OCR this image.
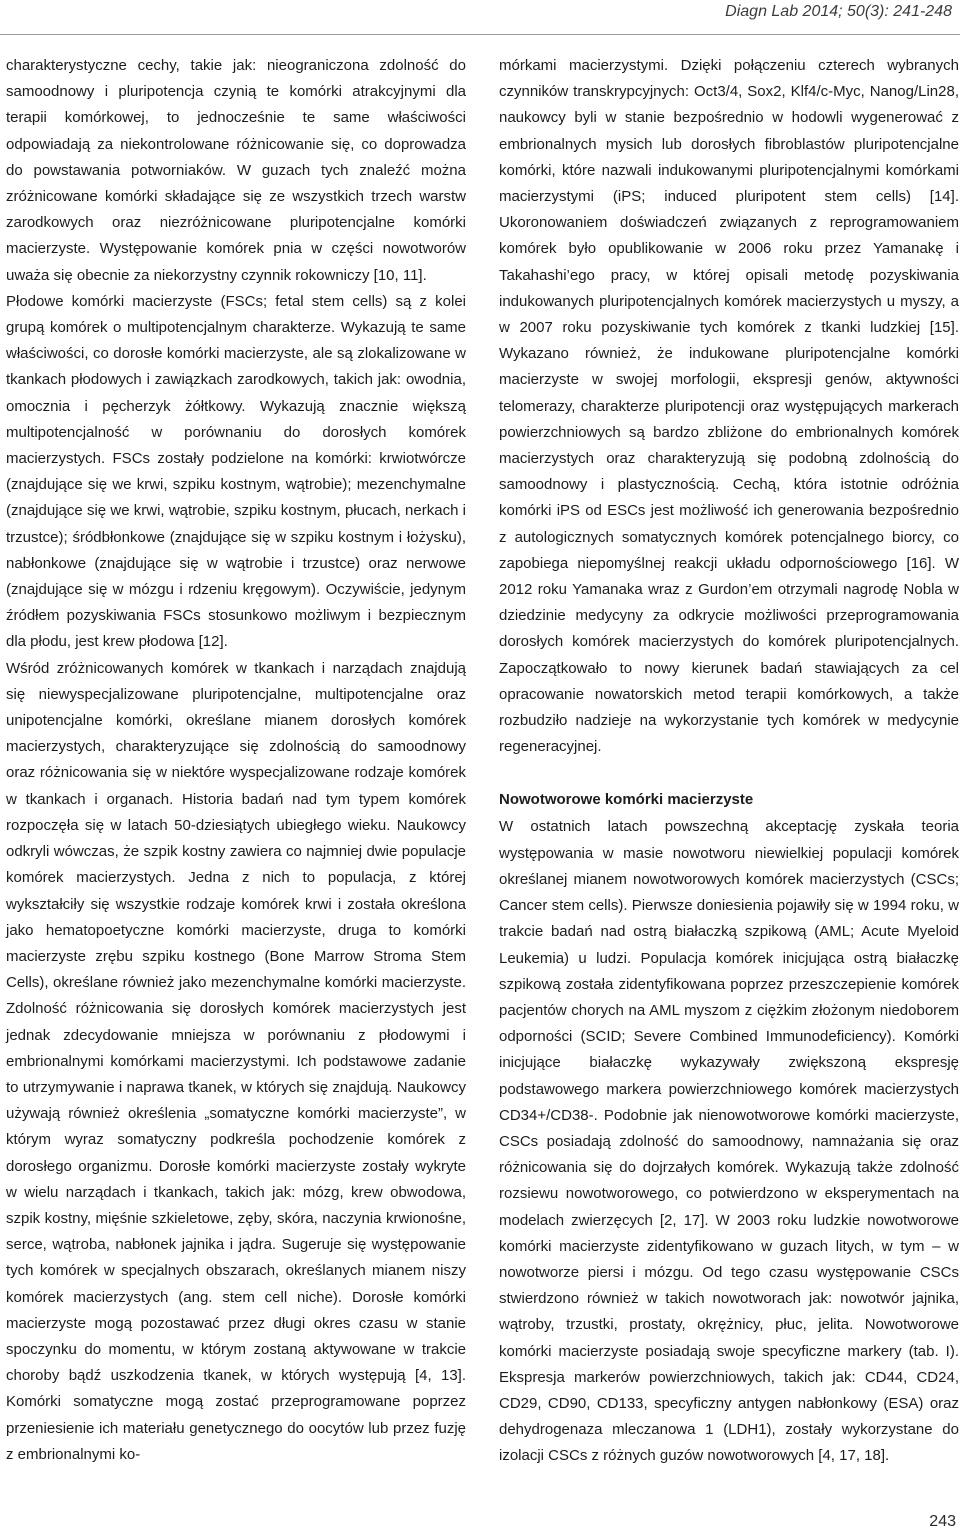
Diagn Lab 2014; 50(3): 241-248

charakterystyczne cechy, takie jak: nieograniczona zdolność do samoodnowy i pluripotencja czynią te komórki atrakcyjnymi dla terapii komórkowej, to jednocześnie te same właściwości odpowiadają za niekontrolowane różnicowanie się, co doprowadza do powstawania potworniaków. W guzach tych znaleźć można zróżnicowane komórki składające się ze wszystkich trzech warstw zarodkowych oraz niezróżnicowane pluripotencjalne komórki macierzyste. Występowanie komórek pnia w części nowotworów uważa się obecnie za niekorzystny czynnik rokowniczy [10, 11].

Płodowe komórki macierzyste (FSCs; fetal stem cells) są z kolei grupą komórek o multipotencjalnym charakterze. Wykazują te same właściwości, co dorosłe komórki macierzyste, ale są zlokalizowane w tkankach płodowych i zawiązkach zarodkowych, takich jak: owodnia, omocznia i pęcherzyk żółtkowy. Wykazują znacznie większą multipotencjalność w porównaniu do dorosłych komórek macierzystych. FSCs zostały podzielone na komórki: krwiotwórcze (znajdujące się we krwi, szpiku kostnym, wątrobie); mezenchymalne (znajdujące się we krwi, wątrobie, szpiku kostnym, płucach, nerkach i trzustce); śródbłonkowe (znajdujące się w szpiku kostnym i łożysku), nabłonkowe (znajdujące się w wątrobie i trzustce) oraz nerwowe (znajdujące się w mózgu i rdzeniu kręgowym). Oczywiście, jedynym źródłem pozyskiwania FSCs stosunkowo możliwym i bezpiecznym dla płodu, jest krew płodowa [12].

Wśród zróżnicowanych komórek w tkankach i narządach znajdują się niewyspecjalizowane pluripotencjalne, multipotencjalne oraz unipotencjalne komórki, określane mianem dorosłych komórek macierzystych, charakteryzujące się zdolnością do samoodnowy oraz różnicowania się w niektóre wyspecjalizowane rodzaje komórek w tkankach i organach. Historia badań nad tym typem komórek rozpoczęła się w latach 50-dziesiątych ubiegłego wieku. Naukowcy odkryli wówczas, że szpik kostny zawiera co najmniej dwie populacje komórek macierzystych. Jedna z nich to populacja, z której wykształciły się wszystkie rodzaje komórek krwi i została określona jako hematopoetyczne komórki macierzyste, druga to komórki macierzyste zrębu szpiku kostnego (Bone Marrow Stroma Stem Cells), określane również jako mezenchymalne komórki macierzyste. Zdolność różnicowania się dorosłych komórek macierzystych jest jednak zdecydowanie mniejsza w porównaniu z płodowymi i embrionalnymi komórkami macierzystymi. Ich podstawowe zadanie to utrzymywanie i naprawa tkanek, w których się znajdują. Naukowcy używają również określenia „somatyczne komórki macierzyste”, w którym wyraz somatyczny podkreśla pochodzenie komórek z dorosłego organizmu. Dorosłe komórki macierzyste zostały wykryte w wielu narządach i tkankach, takich jak: mózg, krew obwodowa, szpik kostny, mięśnie szkieletowe, zęby, skóra, naczynia krwionośne, serce, wątroba, nabłonek jajnika i jądra. Sugeruje się występowanie tych komórek w specjalnych obszarach, określanych mianem niszy komórek macierzystych (ang. stem cell niche). Dorosłe komórki macierzyste mogą pozostawać przez długi okres czasu w stanie spoczynku do momentu, w którym zostaną aktywowane w trakcie choroby bądź uszkodzenia tkanek, w których występują [4, 13]. Komórki somatyczne mogą zostać przeprogramowane poprzez przeniesienie ich materiału genetycznego do oocytów lub przez fuzję z embrionalnymi ko-

mórkami macierzystymi. Dzięki połączeniu czterech wybranych czynników transkrypcyjnych: Oct3/4, Sox2, Klf4/c-Myc, Nanog/Lin28, naukowcy byli w stanie bezpośrednio w hodowli wygenerować z embrionalnych mysich lub dorosłych fibroblastów pluripotencjalne komórki, które nazwali indukowanymi pluripotencjalnymi komórkami macierzystymi (iPS; induced pluripotent stem cells) [14]. Ukoronowaniem doświadczeń związanych z reprogramowaniem komórek było opublikowanie w 2006 roku przez Yamanakę i Takahashi’ego pracy, w której opisali metodę pozyskiwania indukowanych pluripotencjalnych komórek macierzystych u myszy, a w 2007 roku pozyskiwanie tych komórek z tkanki ludzkiej [15]. Wykazano również, że indukowane pluripotencjalne komórki macierzyste w swojej morfologii, ekspresji genów, aktywności telomerazy, charakterze pluripotencji oraz występujących markerach powierzchniowych są bardzo zbliżone do embrionalnych komórek macierzystych oraz charakteryzują się podobną zdolnością do samoodnowy i plastycznością. Cechą, która istotnie odróżnia komórki iPS od ESCs jest możliwość ich generowania bezpośrednio z autologicznych somatycznych komórek potencjalnego biorcy, co zapobiega niepomyślnej reakcji układu odpornościowego [16]. W 2012 roku Yamanaka wraz z Gurdon’em otrzymali nagrodę Nobla w dziedzinie medycyny za odkrycie możliwości przeprogramowania dorosłych komórek macierzystych do komórek pluripotencjalnych. Zapoczątkowało to nowy kierunek badań stawiających za cel opracowanie nowatorskich metod terapii komórkowych, a także rozbudziło nadzieje na wykorzystanie tych komórek w medycynie regeneracyjnej.

Nowotworowe komórki macierzyste

W ostatnich latach powszechną akceptację zyskała teoria występowania w masie nowotworu niewielkiej populacji komórek określanej mianem nowotworowych komórek macierzystych (CSCs; Cancer stem cells). Pierwsze doniesienia pojawiły się w 1994 roku, w trakcie badań nad ostrą białaczką szpikową (AML; Acute Myeloid Leukemia) u ludzi. Populacja komórek inicjująca ostrą białaczkę szpikową została zidentyfikowana poprzez przeszczepienie komórek pacjentów chorych na AML myszom z ciężkim złożonym niedoborem odporności (SCID; Severe Combined Immunodeficiency). Komórki inicjujące białaczkę wykazywały zwiększoną ekspresję podstawowego markera powierzchniowego komórek macierzystych CD34+/CD38-. Podobnie jak nienowotworowe komórki macierzyste, CSCs posiadają zdolność do samoodnowy, namnażania się oraz różnicowania się do dojrzałych komórek. Wykazują także zdolność rozsiewu nowotworowego, co potwierdzono w eksperymentach na modelach zwierzęcych [2, 17]. W 2003 roku ludzkie nowotworowe komórki macierzyste zidentyfikowano w guzach litych, w tym – w nowotworze piersi i mózgu. Od tego czasu występowanie CSCs stwierdzono również w takich nowotworach jak: nowotwór jajnika, wątroby, trzustki, prostaty, okrężnicy, płuc, jelita. Nowotworowe komórki macierzyste posiadają swoje specyficzne markery (tab. I). Ekspresja markerów powierzchniowych, takich jak: CD44, CD24, CD29, CD90, CD133, specyficzny antygen nabłonkowy (ESA) oraz dehydrogenaza mleczanowa 1 (LDH1), zostały wykorzystane do izolacji CSCs z różnych guzów nowotworowych [4, 17, 18].

243
